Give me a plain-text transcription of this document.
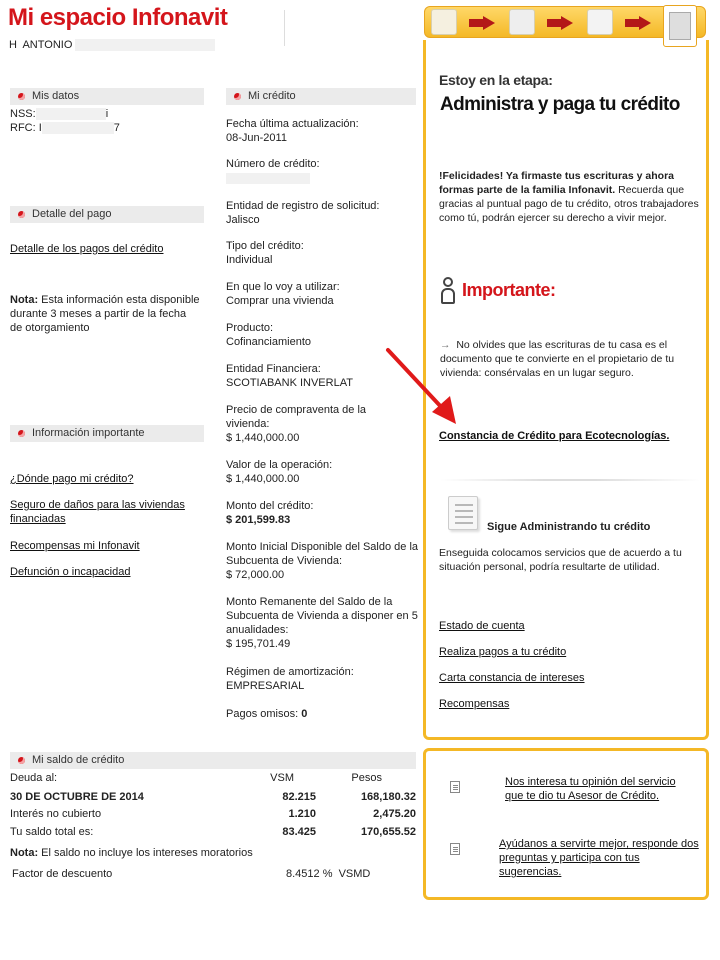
Mi espacio Infonavit
H ANTONIO
Mis datos
NSS:	i
RFC: I	7
Detalle del pago
Detalle de los pagos del crédito
Nota: Esta información esta disponible durante 3 meses a partir de la fecha de otorgamiento
Información importante
¿Dónde pago mi crédito?
Seguro de daños para las viviendas financiadas
Recompensas mi Infonavit
Defunción o incapacidad
Mi crédito
Fecha última actualización:
08-Jun-2011
Número de crédito:
Entidad de registro de solicitud:
Jalisco
Tipo del crédito:
Individual
En que lo voy a utilizar:
Comprar una vivienda
Producto:
Cofinanciamiento
Entidad Financiera:
SCOTIABANK INVERLAT
Precio de compraventa de la vivienda:
$ 1,440,000.00
Valor de la operación:
$ 1,440,000.00
Monto del crédito:
$ 201,599.83
Monto Inicial Disponible del Saldo de la Subcuenta de Vivienda:
$ 72,000.00
Monto Remanente del Saldo de la Subcuenta de Vivienda a disponer en 5 anualidades:
$ 195,701.49
Régimen de amortización:
EMPRESARIAL
Pagos omisos: 0
Mi saldo de crédito
Deuda al:	VSM	Pesos
30 DE OCTUBRE DE 2014	82.215	168,180.32
Interés no cubierto	1.210	2,475.20
Tu saldo total es:	83.425	170,655.52
Nota: El saldo no incluye los intereses moratorios
Factor de descuento	8.4512 %  VSMD
Estoy en la etapa:
Administra y paga tu crédito
!Felicidades! Ya firmaste tus escrituras y ahora formas parte de la familia Infonavit. Recuerda que gracias al puntual pago de tu crédito, otros trabajadores como tú, podrán ejercer su derecho a vivir mejor.
Importante:
→  No olvides que las escrituras de tu casa es el documento que te convierte en el propietario de tu vivienda: consérvalas en un lugar seguro.
Constancia de Crédito para Ecotecnologías.
Sigue Administrando tu crédito
Enseguida colocamos servicios que de acuerdo a tu situación personal, podría resultarte de utilidad.
Estado de cuenta
Realiza pagos a tu crédito
Carta constancia de intereses
Recompensas
Nos interesa tu opinión del servicio que te dio tu Asesor de Crédito.
Ayúdanos a servirte mejor, responde dos preguntas y participa con tus sugerencias.
